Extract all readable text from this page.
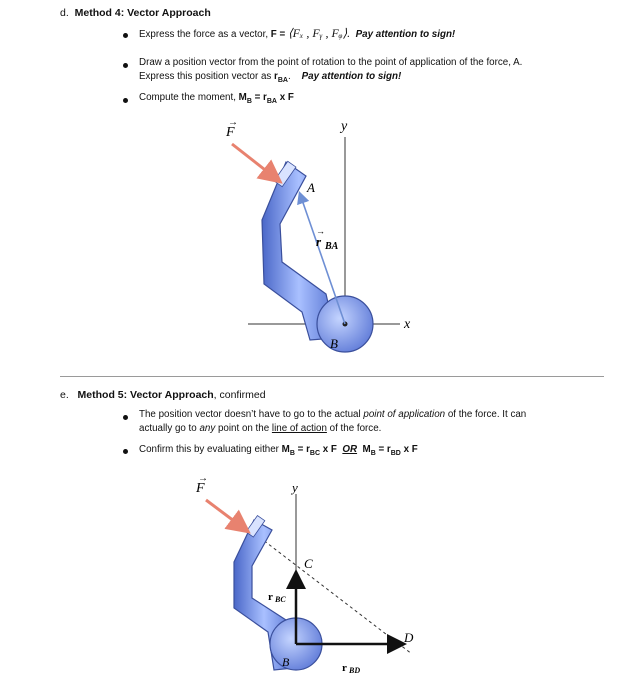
d. Method 4: Vector Approach
Express the force as a vector, F = ⟨Fₓ , Fᵧ , Fᵩ⟩. Pay attention to sign!
Draw a position vector from the point of rotation to the point of application of the force, A.
Express this position vector as $r_{BA}$. Pay attention to sign!
Compute the moment, $M_B = r_{BA}$ x F
F
→	y
x
A
B
r BA
→
e. Method 5: Vector Approach, confirmed
The position vector doesn’t have to go to the actual point of application of the force. It can
actually go to any point on the line of action of the force.
Confirm this by evaluating either $M_B = r_{BC}$ x F OR $M_B = r_{BD}$ x F
F
→
y
C
D
B
r BC
r BD
